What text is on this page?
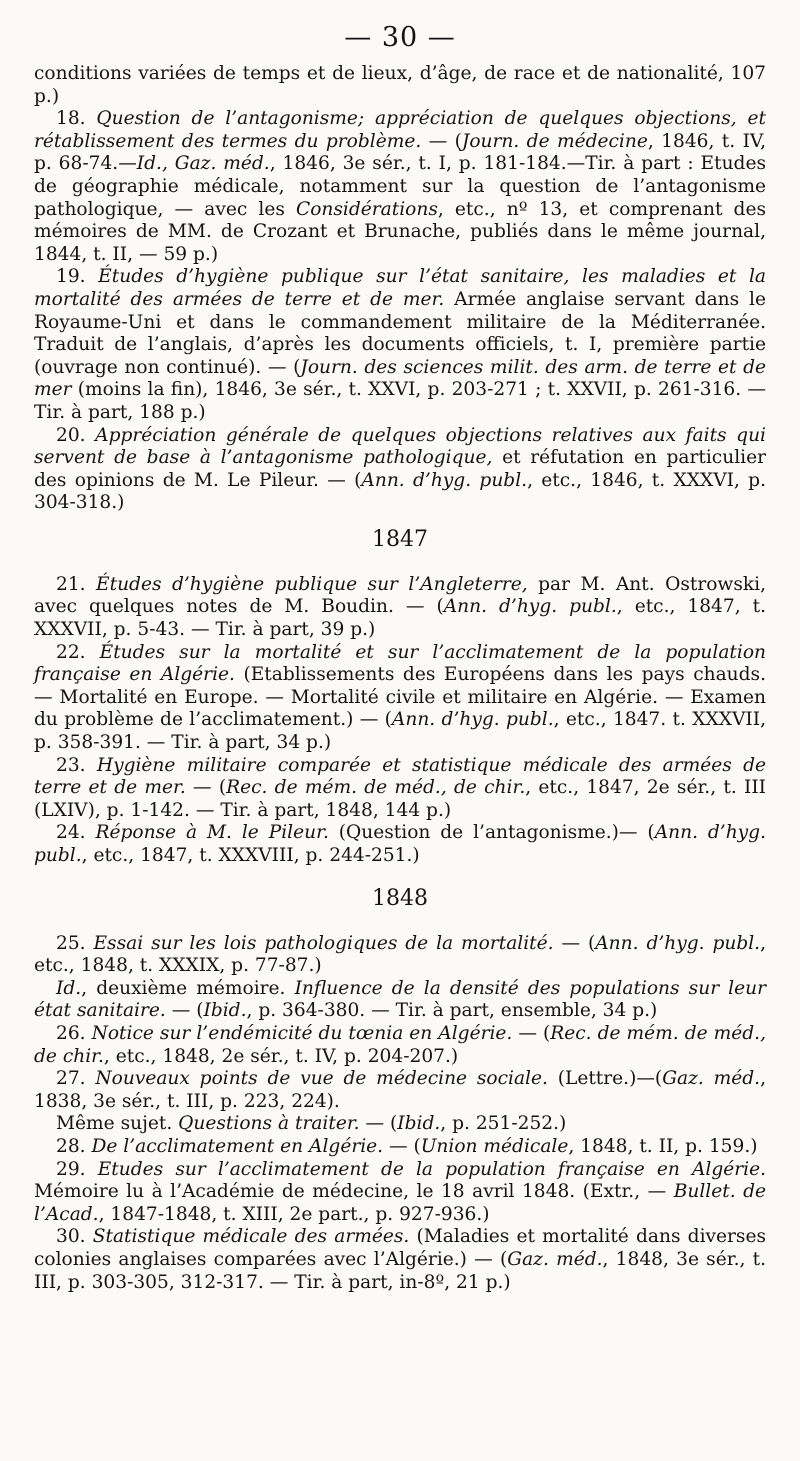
— 30 —

conditions variées de temps et de lieux, d’âge, de race et de nationalité, 107 p.)

18. Question de l’antagonisme; appréciation de quelques objections, et rétablissement des termes du problème. — (Journ. de médecine, 1846, t. IV, p. 68-74.—Id., Gaz. méd., 1846, 3e sér., t. I, p. 181-184.—Tir. à part : Etudes de géographie médicale, notamment sur la question de l’antagonisme pathologique, — avec les Considérations, etc., nº 13, et comprenant des mémoires de MM. de Crozant et Brunache, publiés dans le même journal, 1844, t. II, — 59 p.)

19. Études d’hygiène publique sur l’état sanitaire, les maladies et la mortalité des armées de terre et de mer. Armée anglaise servant dans le Royaume-Uni et dans le commandement militaire de la Méditerranée. Traduit de l’anglais, d’après les documents officiels, t. I, première partie (ouvrage non continué). — (Journ. des sciences milit. des arm. de terre et de mer (moins la fin), 1846, 3e sér., t. XXVI, p. 203-271 ; t. XXVII, p. 261-316. — Tir. à part, 188 p.)

20. Appréciation générale de quelques objections relatives aux faits qui servent de base à l’antagonisme pathologique, et réfutation en particulier des opinions de M. Le Pileur. — (Ann. d’hyg. publ., etc., 1846, t. XXXVI, p. 304-318.)

1847

21. Études d’hygiène publique sur l’Angleterre, par M. Ant. Ostrowski, avec quelques notes de M. Boudin. — (Ann. d’hyg. publ., etc., 1847, t. XXXVII, p. 5-43. — Tir. à part, 39 p.)

22. Études sur la mortalité et sur l’acclimatement de la population française en Algérie. (Etablissements des Européens dans les pays chauds. — Mortalité en Europe. — Mortalité civile et militaire en Algérie. — Examen du problème de l’acclimatement.) — (Ann. d’hyg. publ., etc., 1847. t. XXXVII, p. 358-391. — Tir. à part, 34 p.)

23. Hygiène militaire comparée et statistique médicale des armées de terre et de mer. — (Rec. de mém. de méd., de chir., etc., 1847, 2e sér., t. III (LXIV), p. 1-142. — Tir. à part, 1848, 144 p.)

24. Réponse à M. le Pileur. (Question de l’antagonisme.)— (Ann. d’hyg. publ., etc., 1847, t. XXXVIII, p. 244-251.)

1848

25. Essai sur les lois pathologiques de la mortalité. — (Ann. d’hyg. publ., etc., 1848, t. XXXIX, p. 77-87.)

Id., deuxième mémoire. Influence de la densité des populations sur leur état sanitaire. — (Ibid., p. 364-380. — Tir. à part, ensemble, 34 p.)

26. Notice sur l’endémicité du tœnia en Algérie. — (Rec. de mém. de méd., de chir., etc., 1848, 2e sér., t. IV, p. 204-207.)

27. Nouveaux points de vue de médecine sociale. (Lettre.)—(Gaz. méd., 1838, 3e sér., t. III, p. 223, 224).

Même sujet. Questions à traiter. — (Ibid., p. 251-252.)

28. De l’acclimatement en Algérie. — (Union médicale, 1848, t. II, p. 159.)

29. Etudes sur l’acclimatement de la population française en Algérie. Mémoire lu à l’Académie de médecine, le 18 avril 1848. (Extr., — Bullet. de l’Acad., 1847-1848, t. XIII, 2e part., p. 927-936.)

30. Statistique médicale des armées. (Maladies et mortalité dans diverses colonies anglaises comparées avec l’Algérie.) — (Gaz. méd., 1848, 3e sér., t. III, p. 303-305, 312-317. — Tir. à part, in-8º, 21 p.)
